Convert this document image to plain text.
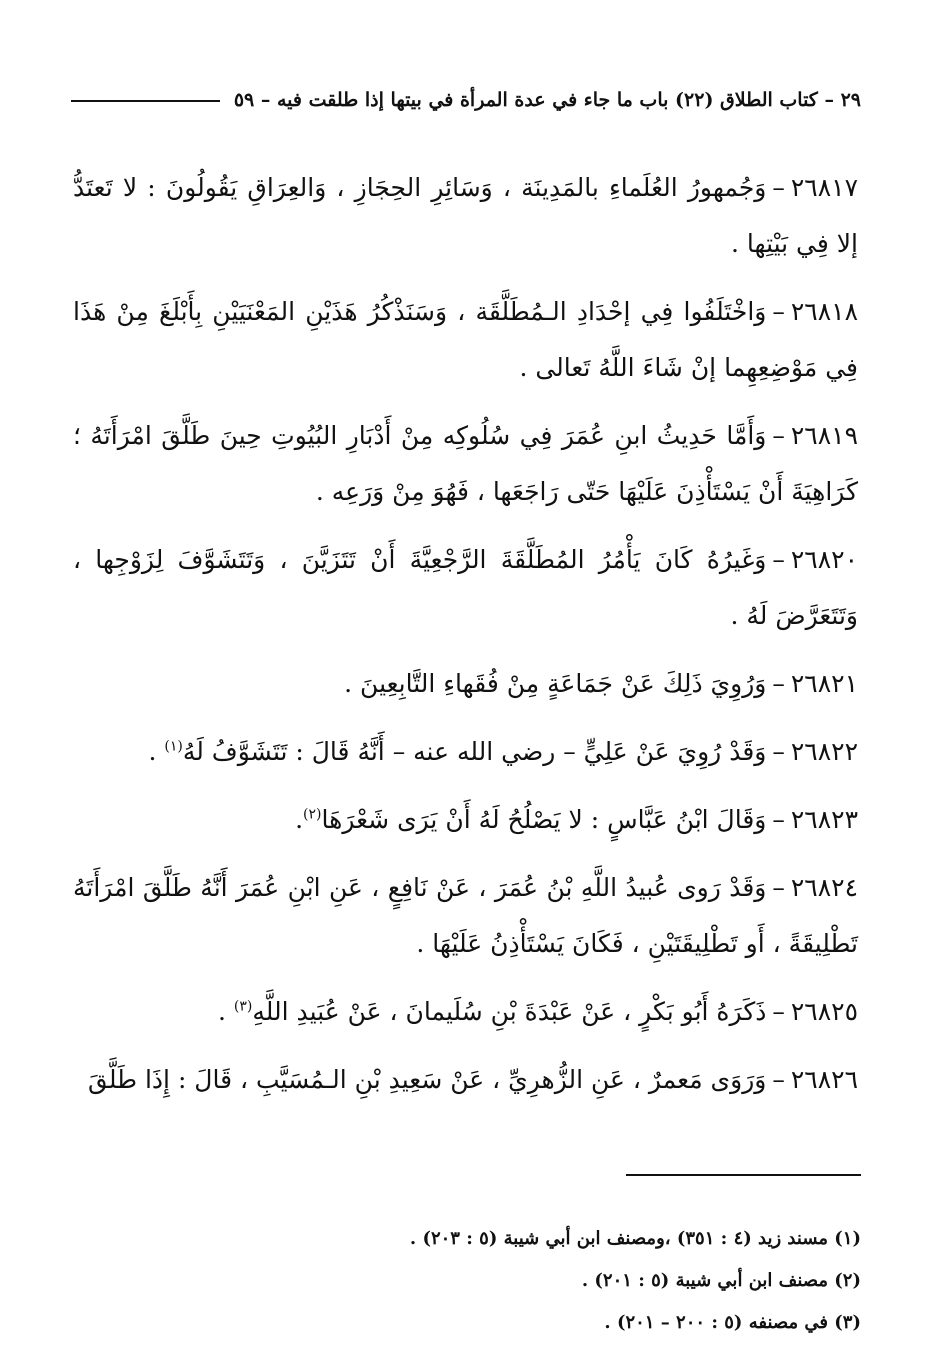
٢٩ – كتاب الطلاق (٢٢) باب ما جاء في عدة المرأة في بيتها إذا طلقت فيه – ٥٩

٢٦٨١٧–وَجُمهورُ العُلَماءِ بالمَدِينَة ، وَسَائِرِ الحِجَازِ ، وَالعِرَاقِ يَقُولُونَ : لا تَعتَدُّ إلا فِي بَيْتِها .

٢٦٨١٨–وَاخْتَلَفُوا فِي إحْدَادِ الـمُطَلَّقَة ، وَسَنَذْكُرُ هَذَيْنِ المَعْنَيَيْنِ بِأَبْلَغَ مِنْ هَذَا فِي مَوْضِعِهِما إنْ شَاءَ اللَّهُ تَعالى .

٢٦٨١٩–وَأَمَّا حَدِيثُ ابنِ عُمَرَ فِي سُلُوكِه مِنْ أَدْبَارِ البُيُوتِ حِينَ طَلَّقَ امْرَأَتَهُ ؛ كَرَاهِيَةَ أَنْ يَسْتَأْذِنَ عَلَيْهَا حَتّى رَاجَعَها ، فَهُوَ مِنْ وَرَعِه .

٢٦٨٢٠–وَغَيرُهُ كَانَ يَأْمُرُ المُطَلَّقَةَ الرَّجْعِيَّةَ أَنْ تَتَزَيَّنَ ، وَتَتَشَوَّفَ لِزَوْجِها ، وَتَتَعَرَّضَ لَهُ .

٢٦٨٢١–وَرُوِيَ ذَلِكَ عَنْ جَمَاعَةٍ مِنْ فُقَهاءِ التَّابِعِينَ .

٢٦٨٢٢–وَقَدْ رُوِيَ عَنْ عَلِيٍّ – رضي الله عنه – أَنَّهُ قَالَ : تَتَشَوَّفُ لَهُ$^{(١)}$ .

٢٦٨٢٣–وَقَالَ ابْنُ عَبَّاسٍ : لا يَصْلُحُ لَهُ أَنْ يَرَى شَعْرَهَا$^{(٢)}$.

٢٦٨٢٤–وَقَدْ رَوى عُبيدُ اللَّهِ بْنُ عُمَرَ ، عَنْ نَافِعٍ ، عَنِ ابْنِ عُمَرَ أَنَّهُ طَلَّقَ امْرَأَتَهُ تَطْلِيقَةً ، أَو تَطْلِيقَتَيْنِ ، فَكَانَ يَسْتَأْذِنُ عَلَيْهَا .

٢٦٨٢٥–ذَكَرَهُ أَبُو بَكْرٍ ، عَنْ عَبْدَةَ بْنِ سُلَيمانَ ، عَنْ عُبَيدِ اللَّهِ$^{(٣)}$ .

٢٦٨٢٦–وَرَوَى مَعمرٌ ، عَنِ الزُّهرِيِّ ، عَنْ سَعِيدِ بْنِ الـمُسَيَّبِ ، قَالَ : إِذَا طَلَّقَ

(١) مسند زيد (٤ : ٣٥١) ،ومصنف ابن أبي شيبة (٥ : ٢٠٣) .

(٢) مصنف ابن أبي شيبة (٥ : ٢٠١) .

(٣) في مصنفه (٥ : ٢٠٠ – ٢٠١) .
